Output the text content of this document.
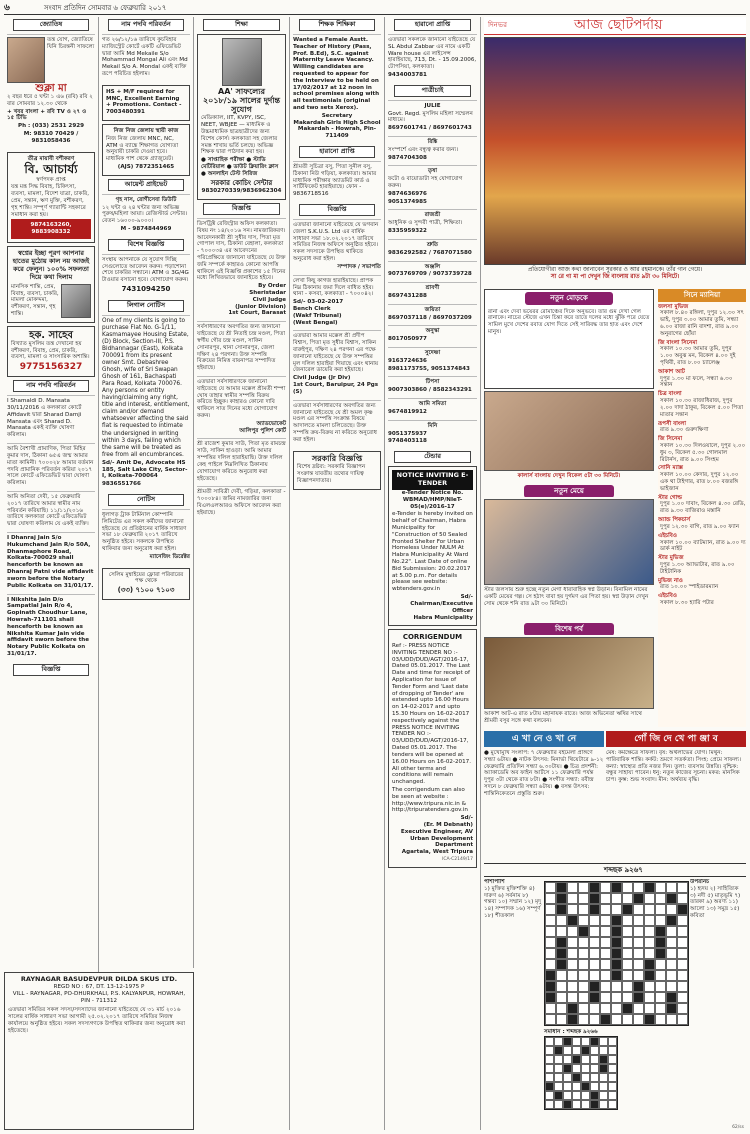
৬	সংবাদ প্রতিদিন সোমবার ৬ ফেব্রুয়ারি ২০১৭
জ্যোতিষ

তন্ত্র যোগ, জ্যোতিষে যিনি চিরন্তনী সাফল্যে

শুক্লা মা

২ বছর ধরে ৫ ঘন্টা ১ এ৬ (রবি) রবি ২ বার সোমবার ১২.৩০ থেকে

+ খবর বাংলা + রবি TV ও ২৭ ও ১৫ টিভি

Ph : (033) 2531 2929

M: 98310 70429 / 9831058436

তীব্র মায়াবী বশীকরণ

বি. আচার্য্য

স্বর্ণপদক প্রাপ্ত

যন্ত্র মন্ত্র সিদ্ধ বিবাহ, চিকিৎসা, ব্যবসা, মামলা, বিদেশ যাত্রা, চাকরি, প্রেম, সন্তান, ঋণ মুক্তি, বশীকরণ, গৃহ শান্তি। সম্পূর্ণ গ্যারান্টি সহকারে সমাধান করা হয়।

9874163260, 9883908332

স্বপ্নের ইচ্ছা পূরণ আপনার হাতের মুঠোয় কাল নয় আজই করে ফেলুন। ১০০% সফলতা দিয়ে কথা দিলাম

মানসিক শান্তি, প্রেম, বিবাহ, ব্যবসা, চাকরি, মামলা মোকদ্দমা, বশীকরণ, সন্তান, গৃহ শান্তি।

হক. সাহেব

বিখ্যাত মুসলিম তন্ত্র দেখানো হয় বশীকরণ, বিবাহ, প্রেম, চাকরি, ব্যবসা, মামলা ও সাংসারিক অশান্তি।

9775156327
নাম পদবি পরিবর্তন

I Shamaldi D. Mansata 30/11/2016 এ কলকাতা কোর্টে Affidavit দ্বারা Sharad Damji Mansata এবং Sharad D. Mansata একই ব্যক্তি ঘোষণা করিলাম।

আমি বৈশাখী প্রামাণিক, পিতা মিহির কুমার দাস, ঠিকানা ৬৫এ জন্ম আমার মাতা কামিনী। ৭০০০২৮ আমার বর্তমান পদবি প্রামানিক পরিবর্তন করিয়া ২০১৭ সালে কোর্টে এফিডেভিট দ্বারা ঘোষণা করিলাম।

আমি অনিতা দেবী, ১৫ ফেব্রুয়ারি ২০১৭ তারিখে আমার স্বামীর নাম পরিবর্তন করিয়াছি। ১১/১১/২০১৬ তারিখে কলকাতা কোর্টে এফিডেভিট দ্বারা ঘোষণা করিলাম যে একই ব্যক্তি।

I Dhanraj Jain S/o Hukumchand Jain R/o 50A, Dhanmaphore Road, Kolkata-700029 shall henceforth be known as Dhanraj Patni vide affidavit sworn before the Notary Public Kolkata on 31/01/17.

I Nikshita Jain D/o Sampatlal Jain R/o 4, Gopinath Choudhur Lane, Howrah-711101 shall henceforth be known as Nikshita Kumar Jain vide affidavit sworn before the Notary Public Kolkata on 31/01/17.

বিজ্ঞপ্তি

RAYNAGAR BASUDEVPUR DILDA SKUS LTD.

REGD NO : 67, DT. 13-12-1975 P

VILL - RAYNAGAR, PO-DHURKHALI, P.S. KALYANPUR, HOWRAH, PIN - 711312

এতদ্বারা সমিতির সকল সদস্য/সদস্যাদের জানানো যাইতেছে যে ৩১ মার্চ ২০১৬ সালের বার্ষিক সাধারণ সভা আগামী ২৫.০২.২০১৭ তারিখে সমিতির নিজস্ব কার্যালয়ে অনুষ্ঠিত হইবে। সকল সদস্যগণকে উপস্থিত থাকিবার জন্য অনুরোধ করা হইতেছে।

নাম পদবি পরিবর্তন

গত ২৬/১২/১৬ তারিখে কুচবিহার ম্যাজিস্ট্রেট কোর্টে একটি এফিডেভিট দ্বারা আমি Md Mekaile S/o Mohammad Mongal Ali এবং Md Mekail S/o A. Mondal একই ব্যক্তি রূপে পরিচিত হইলাম।

HS + M/F required for MNC, Excellent Earning + Promotions. Contact - 7003480391

নিজ নিজ জেলায় স্থায়ী কাজ

নিজ নিজ জেলায় MNC, NC, ATM ও ব্যাঙ্কে শিক্ষাগত যোগ্যতা অনুযায়ী চাকরি দেওয়া হবে। মাধ্যমিক পাশ থেকে গ্র্যাজুয়েট।

(AJS) 7872351465

আয়েন্ট প্রাইভেট

গৃহ নাস, রোগীসেবা ডিউটি

১২ ঘন্টা ও ২৪ ঘন্টার জন্য অভিজ্ঞ পুরুষ/মহিলা আয়া। রেজিস্টার্ড সেন্টার। বেতন ১৬০০০-৯০০০।

M - 9874844969

বিশেষ বিজ্ঞপ্তি

সংস্থায় আপনাকে যে সুযোগ দিচ্ছি সেগুলোতে আবেদন করুন। পড়াশোনা শেষে চাকরির সন্ধানে। ATM ও 3G/4G টাওয়ার বসানো হবে। যোগাযোগ করুন।

7431094250

লিগাল নোটিস

One of my clients is going to purchase Flat No. G-1/11, Kasmamayee Housing Estate, (D) Block, Section-III, P.S. Bidhannagar (East), Kolkata 700091 from its present owner Smt. Debashree Ghosh, wife of Sri Swapan Ghosh of 161, Bachaspati Para Road, Kolkata 700076. Any persons or entity having/claiming any right, title and interest, entitlement, claim and/or demand whatsoever affecting the said flat is requested to intimate the undersigned in writing within 3 days, failing which the same will be treated as free from all encumbrances.

Sd/- Amit De, Advocate HS 185, Salt Lake City, Sector-I, Kolkata-700064

9836551766

নোটিস

ধূলাগড় ট্রাক টার্মিনাল কোম্পানি লিমিটেড এর সকল কর্মীদের জানানো হইতেছে যে প্রতিষ্ঠানের বার্ষিক সাধারণ সভা ১৮ ফেব্রুয়ারি ২০১৭ তারিখে অনুষ্ঠিত হইবে। সকলকে উপস্থিত থাকিবার জন্য অনুরোধ করা হইল।

ম্যানেজিং ডিরেক্টর

সেলিম মুম্বাইয়ের ফ্লোরা পরিবারের পক্ষ থেকে

(৩৩) ৭১০০ ৭১০৩

শিক্ষা

AA' সাফল্যের ২০১৮/১৯ সালের দুর্দান্ত সুযোগ

মেডিক্যাল, IIT, KVPY, ISC, NEET, WBJEE — মাধ্যমিক ও উচ্চমাধ্যমিক ছাত্রছাত্রীদের জন্য বিশেষ কোর্স। কলকাতা সহ জেলার সমস্ত শাখায় ভর্তি চলছে। অভিজ্ঞ শিক্ষক দ্বারা পাঠদান করা হয়।

● সাপ্তাহিক পরীক্ষা ● স্টাডি মেটিরিয়াল ● ডাউট ক্লিয়ারিং ক্লাস ● অনলাইন টেস্ট সিরিজ

সরকার কোচিং সেন্টার

9830270339/9836962304

বিজ্ঞপ্তি

ডিসট্রিক্ট রেজিস্ট্রার অফিস কলকাতা। বিষয় নং ১৪/২০১৬ সন। নামজারিকরণ। আবেদনকারী শ্রী সুধীর দাস, পিতা মৃত গোপাল দাস, ঠিকানা বেহালা, কলকাতা - ৭০০০৩৪ এর আবেদনের পরিপ্রেক্ষিতে জানানো যাইতেছে যে উক্ত জমি সম্পর্কে কাহারও কোনো আপত্তি থাকিলে এই বিজ্ঞপ্তি প্রকাশের ১৫ দিনের মধ্যে লিখিতভাবে জানাইতে হইবে।

By Order
Sheristadar
Civil Judge
(Junior Division)
1st Court, Barasat

সর্বসাধারণের অবগতির জন্য জানানো যাইতেছে যে শ্রী নিতাই চন্দ্র মণ্ডল, পিতা স্বর্গীয় গৌর চন্দ্র মণ্ডল, সাকিন সোনারপুর, থানা সোনারপুর, জেলা দক্ষিণ ২৪ পরগনা। উক্ত সম্পত্তি বিক্রয়ের নিমিত্ত বায়নাপত্র সম্পাদিত হইয়াছে।

এতদ্বারা সর্বসাধারণকে জানানো যাইতেছে যে আমার মক্কেল শ্রীমতী শম্পা ঘোষ তাহার স্বামীর সম্পত্তি বিক্রয় করিতে ইচ্ছুক। কাহারও কোনো দাবি থাকিলে সাত দিনের মধ্যে যোগাযোগ করুন।

অ্যাডভোকেট
আলিপুর পুলিশ কোর্ট

শ্রী রাজেশ কুমার সাউ, পিতা মৃত রামচন্দ্র সাউ, সাকিন হাওড়া। আমি আমার সম্পত্তির দলিল হারাইয়াছি। উক্ত দলিল কেহ পাইলে নিম্নলিখিত ঠিকানায় যোগাযোগ করিতে অনুরোধ করা হইতেছে।

শ্রীমতী সাবিত্রী দেবী, গড়িয়া, কলকাতা - ৭০০০৮৪। জমির নামজারির জন্য বিএলএলআরও অফিসে আবেদন করা হইয়াছে।

শিক্ষক শিক্ষিকা

Wanted a Female Asstt. Teacher of History (Pass, Prof. B.Ed), S.C. against Maternity Leave Vacancy. Willing candidates are requested to appear for the Interview to be held on 17/02/2017 at 12 noon in school premises along with all testimonials (original and two sets Xerox).

Secretary
Makardah Girls High School
Makardah - Howrah, Pin-711409

হারানো প্রাপ্তি

শ্রীমতী সুচিত্রা বসু, পিতা সুনীল বসু, ঠিকানা নিউ গড়িয়া, কলকাতা। আমার মাধ্যমিক পরীক্ষার অ্যাডমিট কার্ড ও সার্টিফিকেট হারাইয়াছে। ফোন - 9836718516

বিজ্ঞপ্তি

এতদ্বারা জানানো যাইতেছে যে ভগবান জেলা S.K.U.S. Ltd এর বার্ষিক সাধারণ সভা ১৮.০২.২০১৭ তারিখে সমিতির নিজস্ব অফিসে অনুষ্ঠিত হইবে। সকল সদস্যকে উপস্থিত থাকিতে অনুরোধ করা হইল।

সম্পাদক / সভাপতি

লেখা কিছু কাগজ হারাইয়াছে। প্রাপক নিম্ন ঠিকানায় জমা দিলে বাধিত হইব। থানা - কসবা, কলকাতা - ৭০০০৪২।

Sd/- 03-02-2017
Bench Clerk
(Wakf Tribunal)
(West Bengal)

এতদ্বারা আমার মক্কেল শ্রী প্রদীপ বিশ্বাস, পিতা মৃত সুধীর বিশ্বাস, সাকিন বারুইপুর, দক্ষিণ ২৪ পরগনা এর পক্ষে জানানো যাইতেছে যে উক্ত সম্পত্তির মূল দলিল হারাইয়া গিয়াছে এবং থানায় জেনারেল ডায়েরি করা হইয়াছে।

Civil Judge (Jr Div)
1st Court, Baruipur, 24 Pgs (S)

এতদ্বারা সর্বসাধারণের অবগতির জন্য জানানো যাইতেছে যে শ্রী অমল কৃষ্ণ মণ্ডল এর সম্পত্তি সংক্রান্ত বিষয়ে আদালতে মামলা চলিতেছে। উক্ত সম্পত্তি ক্রয়-বিক্রয় না করিতে অনুরোধ করা হইল।

সরকারি বিজ্ঞপ্তি

বিশেষ দ্রষ্টব্য: সরকারি বিজ্ঞাপন সংক্রান্ত যাবতীয় তথ্যের দায়িত্ব বিজ্ঞাপনদাতার।

হারানো প্রাপ্তি

এতদ্বারা সকলকে জানানো যাইতেছে যে SL Abdul Zabbar এর নামে একটি Ware house এর লাইসেন্স হারাইয়াছে, 713, Dt. - 15.09.2006, টোপসিয়া, কলকাতা।

9434003781

পাত্রীচাই

JULIE

Govt. Regd. মুসলিম মহিলা সম্মেলন মাধ্যমে।

8697601741 / 8697601743

রিঙ্কি

সংস্পর্শে এবং বন্ধুত্ব করার জন্য।

9874704308

তৃষা

ফটো ও বায়োডাটা সহ যোগাযোগ করুন।

9874636976

9051374985

রাজশ্রী

আধুনিক ও সুন্দরী পাত্রী, শিক্ষিতা।

8335959322

শ্রুতি

9836292582 / 7687071580

অঞ্জলি

9073769709 / 9073739728

শ্রাবণী

8697431288

জয়িতা

8697037118 / 8697037209

অনুস্কা

8017050977

সুদেষ্ণা

9163724636

8981173755, 9051374843

টিপসা

9007303860 / 8582343291

আমি সমিতা

9674819912

মিনি

9051375937

9748403118

টেন্ডার
NOTICE INVITING E-TENDER

e-Tender Notice No. WBMAD/HMP/NIeT-05(e)/2016-17

e-Tender is hereby invited on behalf of Chairman, Habra Municipality for "Construction of 50 Sealed Fronted Shelter For Urban Homeless Under NULM At Habra Municipality At Ward No.22". Last Date of online Bid Submission: 20.02.2017 at 5.00 p.m. For details please see website: wbtenders.gov.in

Sd/-
Chairman/Executive Officer
Habra Municipality

CORRIGENDUM

Ref :- PRESS NOTICE INVITING TENDER NO :- 03/UDD/DUD/AGT/2016-17, Dated 05.01.2017. The Last Date and time for receipt of Application for issue of Tender Form and 'Last date of dropping of Tender' are extended upto 16.00 Hours on 14-02-2017 and upto 15.30 Hours on 16-02-2017 respectively against the PRESS NOTICE INVITING TENDER NO :- 03/UDD/DUD/AGT/2016-17, Dated 05.01.2017. The tenders will be opened at 16.00 Hours on 16-02-2017. All other terms and conditions will remain unchanged.

The corrigendum can also be seen at website : http://www.tripura.nic.in & http://tripuratenders.gov.in

Sd/-
(Er. M Debnath)
Executive Engineer, AV
Urban Development Department
Agartala, West Tripura

ICA-C2149/17

দিনভর	আজ ছোটপর্দায়

প্রতিযোগীরা আজ কথা জানাবেন সুরকার ও আর রহমানকে। তাঁর গান গেয়ে।

সা রে গা মা পা দেখুন জি বাংলায় রাত ৯টা ৩০ মিনিটে।

নতুন মোড়কে

রানা এবং দেবা ভয়েরর রোমাঞ্চের দিকে অনুভবে। তার গুম দেখা গেল রানাকে। নাচের স্টেজে এখন চিন্তা করে তাতে দলের মধ্যে ঝুঁকি পরে যেতে সামিল মুখে দেশের রবাত যোগ দিতে সেই সারিবদ্ধ তার হাত এবং দেশে মানুষ।

কালার্স বাংলায় দেখুন বিকেল ৫টা ৩০ মিনিটে।

নতুন মেয়ে

স্টার জলসায় শুরু হচ্ছে নতুন মেগা ধারাবাহিক স্বপ্ন উড়ান। বিনামিল নামের একটি মেয়ের গল্প। সে হঠাৎ বাবা হয় দুর্গমণ এর পিতা হয়। স্বপ্ন উড়ান দেখুন সোম থেকে শনি রাত ৯টা ৩০ মিনিটে।

বিশেষ পর্ব

আকাশ আট-এ রাত ৮টায় মহানায়ক রাতে। আজ অভিনেতা ঋষির সাথে শ্রীময়ী বসুর সঙ্গে কথা বলবেন।

সিনে ম্যানিয়া
জলসা মুভিজ
সকাল ৮.৪০ রঙ্গিলা, দুপুর ১২.৩০ সৎ ভাই, দুপুর ৩.০০ আমার তুমি, সন্ধ্যা ৬.০০ রাজা রানি বাদশা, রাত ৯.০০ অনুরাগের ছোঁয়া
জি বাংলা সিনেমা
সকাল ১০.৩০ আমার তুমি, দুপুর ১.০০ অবুঝ মন, বিকেল ৪.০০ দুই পৃথিবী, রাত ৮.০০ চ্যালেঞ্জ
আকাশ আট
দুপুর ১.৩০ মা ফলে, সন্ধ্যা ৬.৩০ সন্তান
চিত্র বাংলা
সকাল ১০.৩০ রাজাধিরাজ, দুপুর ২.০০ দাদা ঠাকুর, বিকেল ৫.০০ পিতা মাতার সন্তান
রূপসী বাংলা
রাত ৯.৩০ গুরুদক্ষিণা
জি সিনেমা
সকাল ১০.৩০ দিলওয়ালে, দুপুর ২.০০ ধুম ৩, বিকেল ৫.৩০ গোলমাল রিটার্নস, রাত ৯.০০ সিংহম
সোনি ম্যাক্স
সকাল ১০.০০ কেদার, দুপুর ১২.০০ এক থা টাইগার, রাত ৮.০০ বজরঙ্গি ভাইজান
স্টার গোল্ড
দুপুর ১.০০ দাবাং, বিকেল ৪.৩০ রেডি, রাত ৯.৩০ বাজিরাও মস্তানি
অ্যান্ড পিকচার্স
দুপুর ১২.৩০ বাগি, রাত ৯.০০ ফ্যান
এইচবিও
সকাল ১০.০০ ব্যাটম্যান, রাত ৯.০০ দ্য ডার্ক নাইট
স্টার মুভিজ
দুপুর ১.৩০ অ্যাভাটার, রাত ৯.০০ টাইটানিক
মুভিজ নাও
রাত ১০.০০ স্পাইডারম্যান
এইচবিও
সকাল ৮.৩০ হ্যারি পটার
এ খা নে ও খা নে	গোঁ জি দে খে পা ঞ্জা ব

● মুখোমুখি সংলাপ: ৭ ফেব্রুয়ারি বইমেলা প্রাঙ্গণে সন্ধ্যা ৬টায়। ● নাটক উৎসব: মিনার্ভা থিয়েটারে ৯-১২ ফেব্রুয়ারি প্রতিদিন সন্ধ্যা ৬.৩০টায়। ● চিত্র প্রদর্শনী: অ্যাকাডেমি অব ফাইন আর্টসে ১১ ফেব্রুয়ারি পর্যন্ত দুপুর ৩টা থেকে রাত ৮টা। ● সংগীত সন্ধ্যা: রবীন্দ্র সদনে ৮ ফেব্রুয়ারি সন্ধ্যা ৬টায়। ● বসন্ত উৎসব: শান্তিনিকেতনে প্রস্তুতি শুরু।

মেষ: কর্মক্ষেত্রে সাফল্য। বৃষ: অর্থলাভের যোগ। মিথুন: পারিবারিক শান্তি। কর্কট: ভ্রমণে সতর্কতা। সিংহ: প্রেমে সাফল্য। কন্যা: স্বাস্থ্যের প্রতি নজর দিন। তুলা: ব্যবসায় উন্নতি। বৃশ্চিক: বন্ধুর সাহায্য পাবেন। ধনু: নতুন কাজের সূচনা। মকর: মানসিক চাপ। কুম্ভ: শুভ সংবাদ। মীন: অর্থব্যয় বৃদ্ধি।

শব্দছক ৯২৬৭

পাশাপাশি

১) মুক্তির মুক্তিশক্তি ৪) দারুণ ৬) সর্বনাম ৮) গন্তব্য ১০) সম্মান ১২) মৃদু ১৪) সম্পাদক ১৬) সম্পূর্ণ ১৮) শীতকাল

উপরনিচ

১) হৃদয় ২) সাহিত্যিক ৩) নদী ৫) মাতৃভূমি ৭) তারকা ৯) অরণ্য ১১) আলো ১৩) সমুদ্র ১৫) কবিতা

সমাধান : শব্দছক ৯২৬৬

62/ss
